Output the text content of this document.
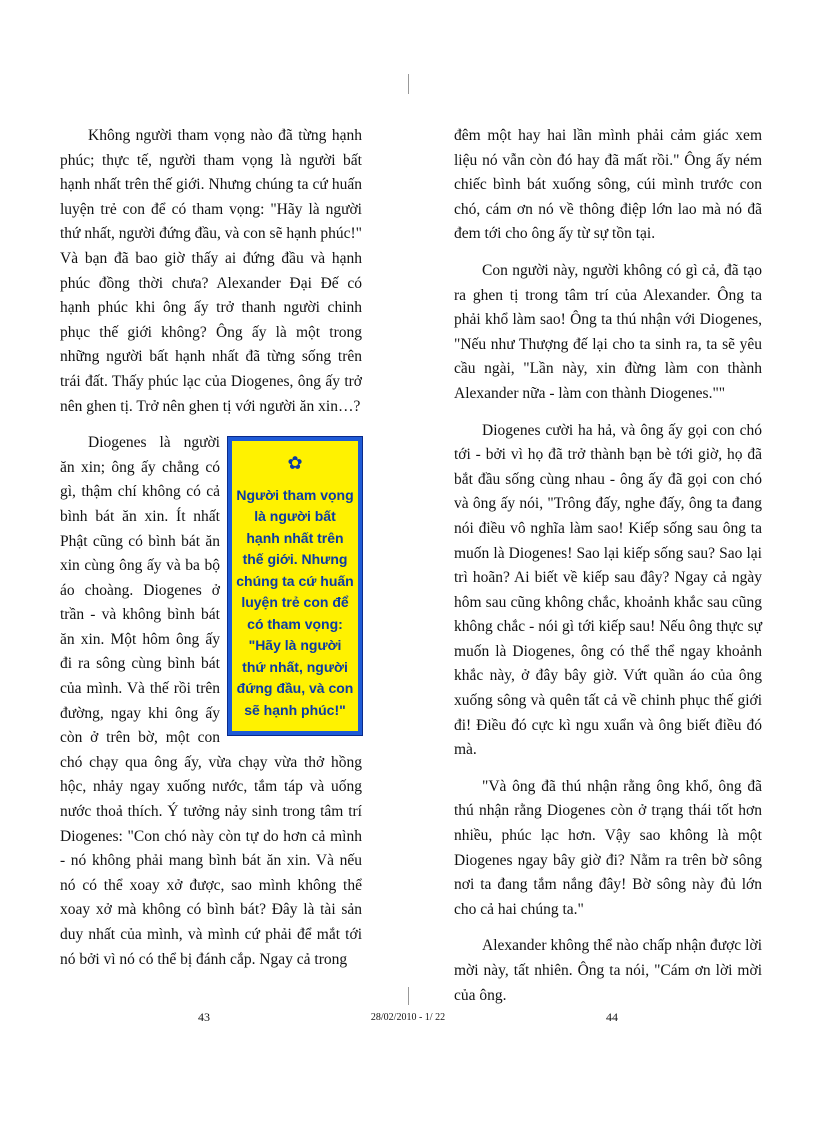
Không người tham vọng nào đã từng hạnh phúc; thực tế, người tham vọng là người bất hạnh nhất trên thế giới. Nhưng chúng ta cứ huấn luyện trẻ con để có tham vọng: "Hãy là người thứ nhất, người đứng đầu, và con sẽ hạnh phúc!" Và bạn đã bao giờ thấy ai đứng đầu và hạnh phúc đồng thời chưa? Alexander Đại Đế có hạnh phúc khi ông ấy trở thanh người chinh phục thế giới không? Ông ấy là một trong những người bất hạnh nhất đã từng sống trên trái đất. Thấy phúc lạc của Diogenes, ông ấy trở nên ghen tị. Trở nên ghen tị với người ăn xin…?

✿
Người tham vọng là người bất hạnh nhất trên thế giới. Nhưng chúng ta cứ huấn luyện trẻ con để có tham vọng: "Hãy là người thứ nhất, người đứng đầu, và con sẽ hạnh phúc!"
Diogenes là người ăn xin; ông ấy chẳng có gì, thậm chí không có cả bình bát ăn xin. Ít nhất Phật cũng có bình bát ăn xin cùng ông ấy và ba bộ áo choàng. Diogenes ở trần - và không bình bát ăn xin. Một hôm ông ấy đi ra sông cùng bình bát của mình. Và thế rồi trên đường, ngay khi ông ấy còn ở trên bờ, một con chó chạy qua ông ấy, vừa chạy vừa thở hồng hộc, nhảy ngay xuống nước, tắm táp và uống nước thoả thích. Ý tưởng nảy sinh trong tâm trí Diogenes: "Con chó này còn tự do hơn cả mình - nó không phải mang bình bát ăn xin. Và nếu nó có thể xoay xở được, sao mình không thể xoay xở mà không có bình bát? Đây là tài sản duy nhất của mình, và mình cứ phải để mắt tới nó bởi vì nó có thể bị đánh cắp. Ngay cả trong

đêm một hay hai lần mình phải cảm giác xem liệu nó vẫn còn đó hay đã mất rồi." Ông ấy ném chiếc bình bát xuống sông, cúi mình trước con chó, cám ơn nó về thông điệp lớn lao mà nó đã đem tới cho ông ấy từ sự tồn tại.

Con người này, người không có gì cả, đã tạo ra ghen tị trong tâm trí của Alexander. Ông ta phải khổ làm sao! Ông ta thú nhận với Diogenes, "Nếu như Thượng đế lại cho ta sinh ra, ta sẽ yêu cầu ngài, "Lần này, xin đừng làm con thành Alexander nữa - làm con thành Diogenes.""

Diogenes cười ha hả, và ông ấy gọi con chó tới - bởi vì họ đã trở thành bạn bè tới giờ, họ đã bắt đầu sống cùng nhau - ông ấy đã gọi con chó và ông ấy nói, "Trông đấy, nghe đấy, ông ta đang nói điều vô nghĩa làm sao! Kiếp sống sau ông ta muốn là Diogenes! Sao lại kiếp sống sau? Sao lại trì hoãn? Ai biết về kiếp sau đây? Ngay cả ngày hôm sau cũng không chắc, khoảnh khắc sau cũng không chắc - nói gì tới kiếp sau! Nếu ông thực sự muốn là Diogenes, ông có thể thể ngay khoảnh khắc này, ở đây bây giờ. Vứt quần áo của ông xuống sông và quên tất cả về chinh phục thế giới đi! Điều đó cực kì ngu xuẩn và ông biết điều đó mà.

"Và ông đã thú nhận rằng ông khổ, ông đã thú nhận rằng Diogenes còn ở trạng thái tốt hơn nhiều, phúc lạc hơn. Vậy sao không là một Diogenes ngay bây giờ đi? Nằm ra trên bờ sông nơi ta đang tắm nắng đây! Bờ sông này đủ lớn cho cả hai chúng ta."

Alexander không thể nào chấp nhận được lời mời này, tất nhiên. Ông ta nói, "Cám ơn lời mời của ông.

43	28/02/2010 - 1/ 22	44
